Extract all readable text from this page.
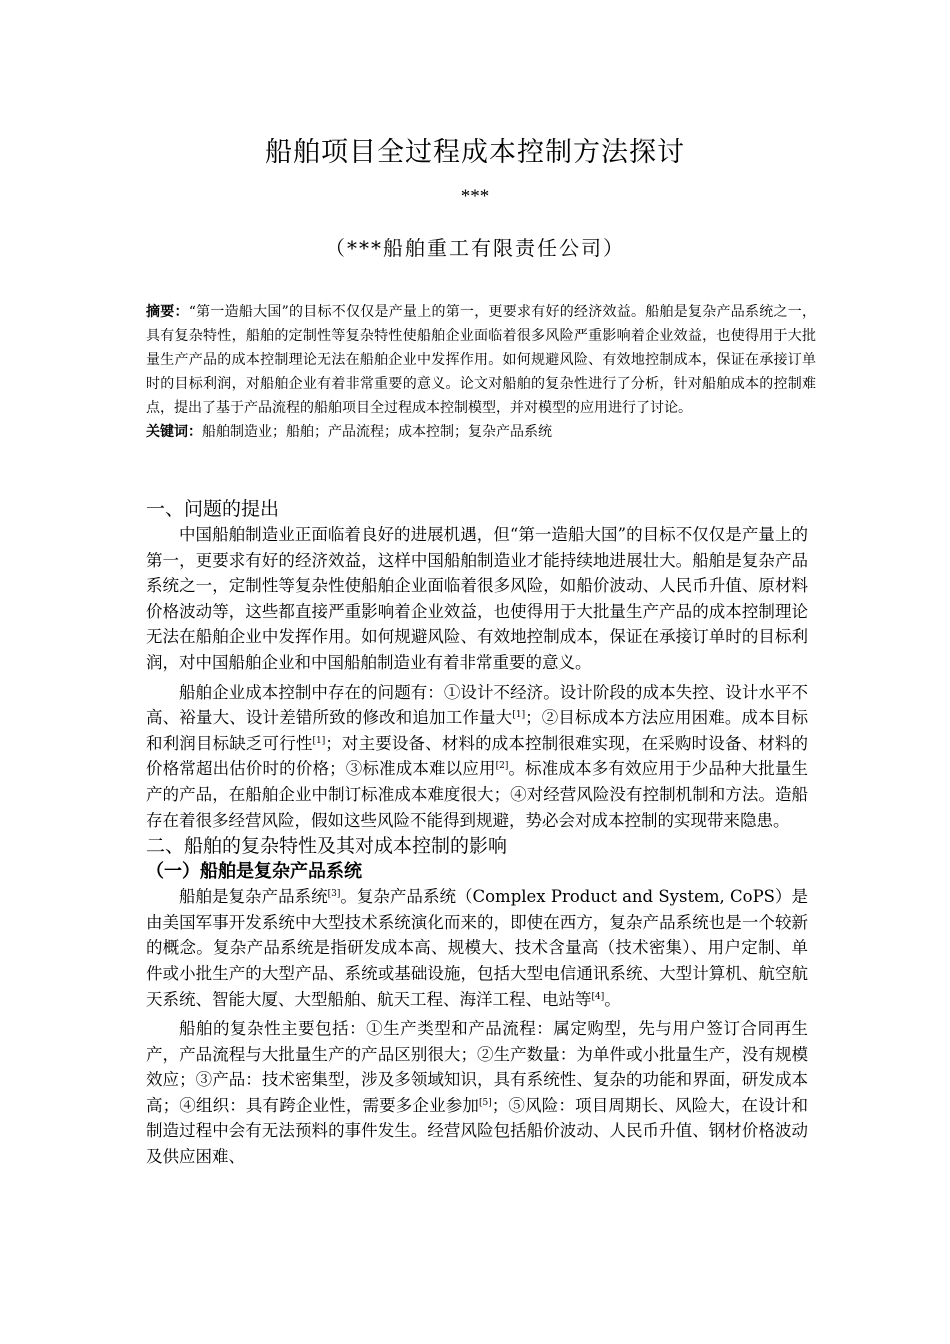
船舶项目全过程成本控制方法探讨
***
（***船舶重工有限责任公司）
摘要：“第一造船大国”的目标不仅仅是产量上的第一，更要求有好的经济效益。船舶是复杂产品系统之一，具有复杂特性，船舶的定制性等复杂特性使船舶企业面临着很多风险严重影响着企业效益，也使得用于大批量生产产品的成本控制理论无法在船舶企业中发挥作用。如何规避风险、有效地控制成本，保证在承接订单时的目标利润，对船舶企业有着非常重要的意义。论文对船舶的复杂性进行了分析，针对船舶成本的控制难点，提出了基于产品流程的船舶项目全过程成本控制模型，并对模型的应用进行了讨论。
关键词：船舶制造业；船舶；产品流程；成本控制；复杂产品系统
一、问题的提出

中国船舶制造业正面临着良好的进展机遇，但“第一造船大国”的目标不仅仅是产量上的第一，更要求有好的经济效益，这样中国船舶制造业才能持续地进展壮大。船舶是复杂产品系统之一，定制性等复杂性使船舶企业面临着很多风险，如船价波动、人民币升值、原材料价格波动等，这些都直接严重影响着企业效益，也使得用于大批量生产产品的成本控制理论无法在船舶企业中发挥作用。如何规避风险、有效地控制成本，保证在承接订单时的目标利润，对中国船舶企业和中国船舶制造业有着非常重要的意义。

船舶企业成本控制中存在的问题有：①设计不经济。设计阶段的成本失控、设计水平不高、裕量大、设计差错所致的修改和追加工作量大[1]；②目标成本方法应用困难。成本目标和利润目标缺乏可行性[1]；对主要设备、材料的成本控制很难实现，在采购时设备、材料的价格常超出估价时的价格；③标准成本难以应用[2]。标准成本多有效应用于少品种大批量生产的产品，在船舶企业中制订标准成本难度很大；④对经营风险没有控制机制和方法。造船存在着很多经营风险，假如这些风险不能得到规避，势必会对成本控制的实现带来隐患。

二、船舶的复杂特性及其对成本控制的影响
（一）船舶是复杂产品系统

船舶是复杂产品系统[3]。复杂产品系统（Complex Product and System, CoPS）是由美国军事开发系统中大型技术系统演化而来的，即使在西方，复杂产品系统也是一个较新的概念。复杂产品系统是指研发成本高、规模大、技术含量高（技术密集）、用户定制、单件或小批生产的大型产品、系统或基础设施，包括大型电信通讯系统、大型计算机、航空航天系统、智能大厦、大型船舶、航天工程、海洋工程、电站等[4]。

船舶的复杂性主要包括：①生产类型和产品流程：属定购型，先与用户签订合同再生产，产品流程与大批量生产的产品区别很大；②生产数量：为单件或小批量生产，没有规模效应；③产品：技术密集型，涉及多领域知识，具有系统性、复杂的功能和界面，研发成本高；④组织：具有跨企业性，需要多企业参加[5]；⑤风险：项目周期长、风险大，在设计和制造过程中会有无法预料的事件发生。经营风险包括船价波动、人民币升值、钢材价格波动及供应困难、
